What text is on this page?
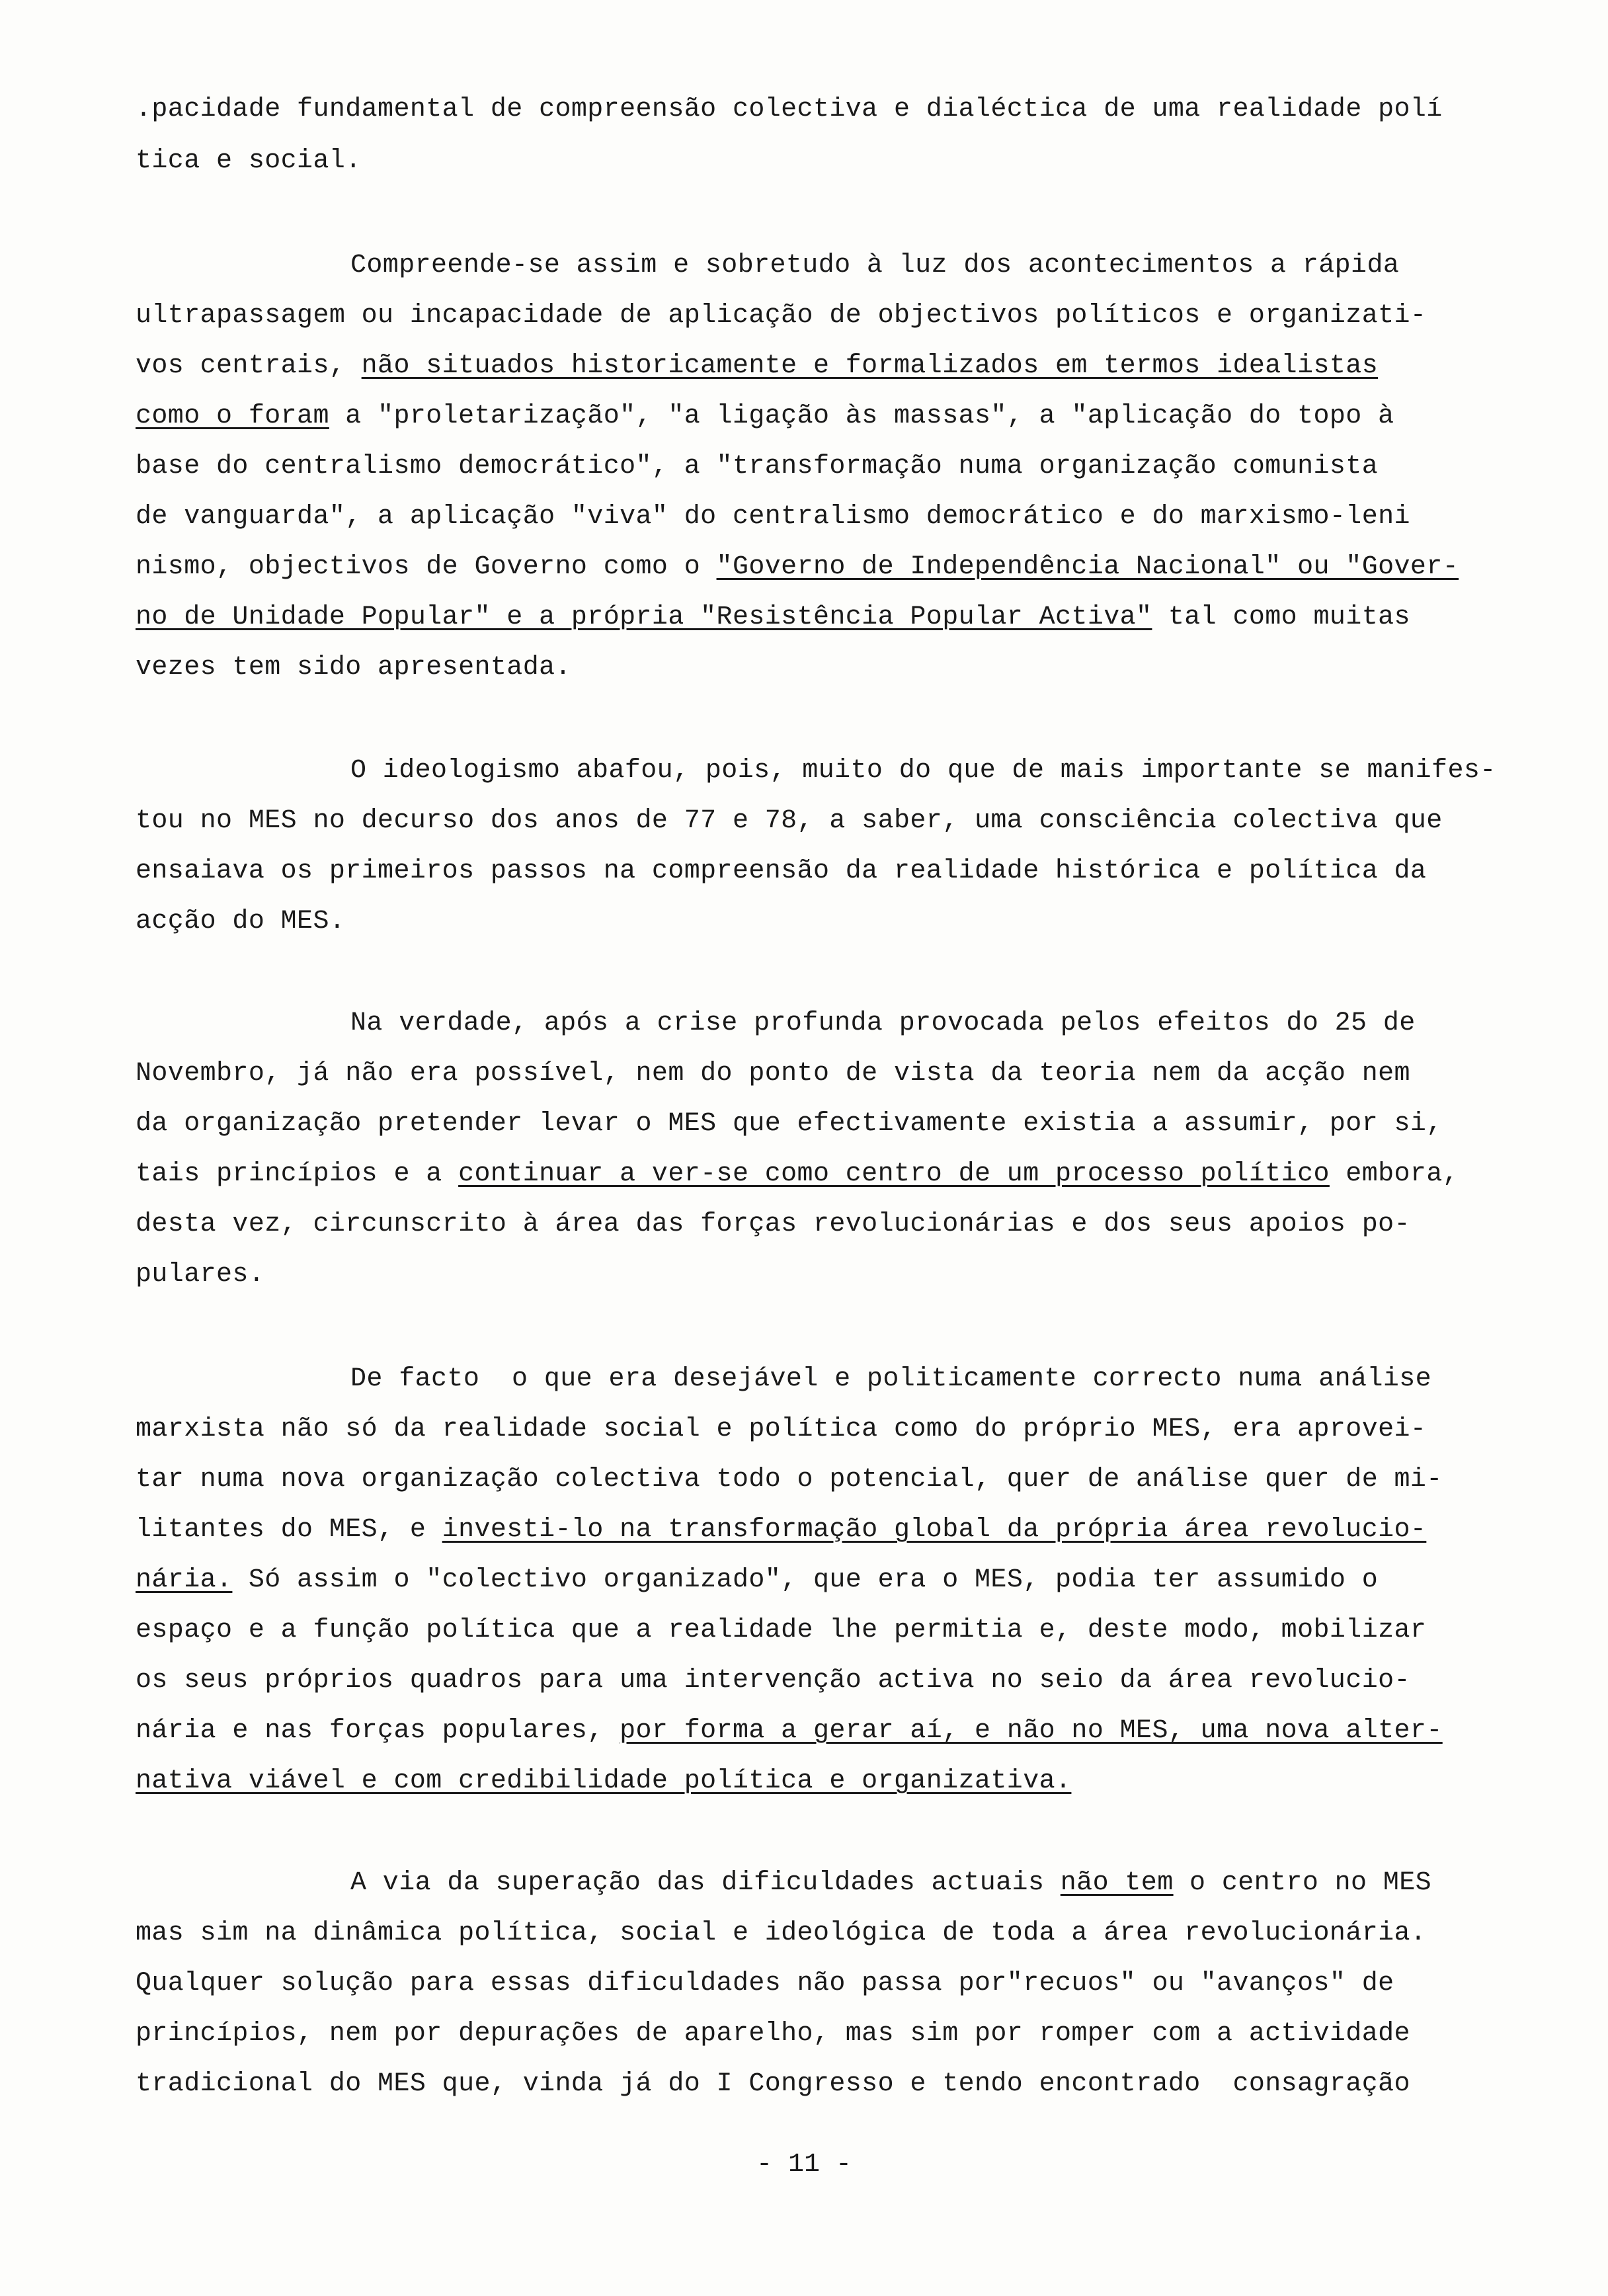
.pacidade fundamental de compreensão colectiva e dialéctica de uma realidade polí
tica e social.
Compreende-se assim e sobretudo à luz dos acontecimentos a rápida
ultrapassagem ou incapacidade de aplicação de objectivos políticos e organizati-
vos centrais, não situados historicamente e formalizados em termos idealistas
como o foram a "proletarização", "a ligação às massas", a "aplicação do topo à
base do centralismo democrático", a "transformação numa organização comunista
de vanguarda", a aplicação "viva" do centralismo democrático e do marxismo-leni
nismo, objectivos de Governo como o "Governo de Independência Nacional" ou "Gover-
no de Unidade Popular" e a própria "Resistência Popular Activa" tal como muitas
vezes tem sido apresentada.
O ideologismo abafou, pois, muito do que de mais importante se manifes-
tou no MES no decurso dos anos de 77 e 78, a saber, uma consciência colectiva que
ensaiava os primeiros passos na compreensão da realidade histórica e política da
acção do MES.
Na verdade, após a crise profunda provocada pelos efeitos do 25 de
Novembro, já não era possível, nem do ponto de vista da teoria nem da acção nem
da organização pretender levar o MES que efectivamente existia a assumir, por si,
tais princípios e a continuar a ver-se como centro de um processo político embora,
desta vez, circunscrito à área das forças revolucionárias e dos seus apoios po-
pulares.
De facto  o que era desejável e politicamente correcto numa análise
marxista não só da realidade social e política como do próprio MES, era aprovei-
tar numa nova organização colectiva todo o potencial, quer de análise quer de mi-
litantes do MES, e investi-lo na transformação global da própria área revolucio-
nária. Só assim o "colectivo organizado", que era o MES, podia ter assumido o
espaço e a função política que a realidade lhe permitia e, deste modo, mobilizar
os seus próprios quadros para uma intervenção activa no seio da área revolucio-
nária e nas forças populares, por forma a gerar aí, e não no MES, uma nova alter-
nativa viável e com credibilidade política e organizativa.
A via da superação das dificuldades actuais não tem o centro no MES
mas sim na dinâmica política, social e ideológica de toda a área revolucionária.
Qualquer solução para essas dificuldades não passa por"recuos" ou "avanços" de
princípios, nem por depurações de aparelho, mas sim por romper com a actividade
tradicional do MES que, vinda já do I Congresso e tendo encontrado  consagração
- 11 -
